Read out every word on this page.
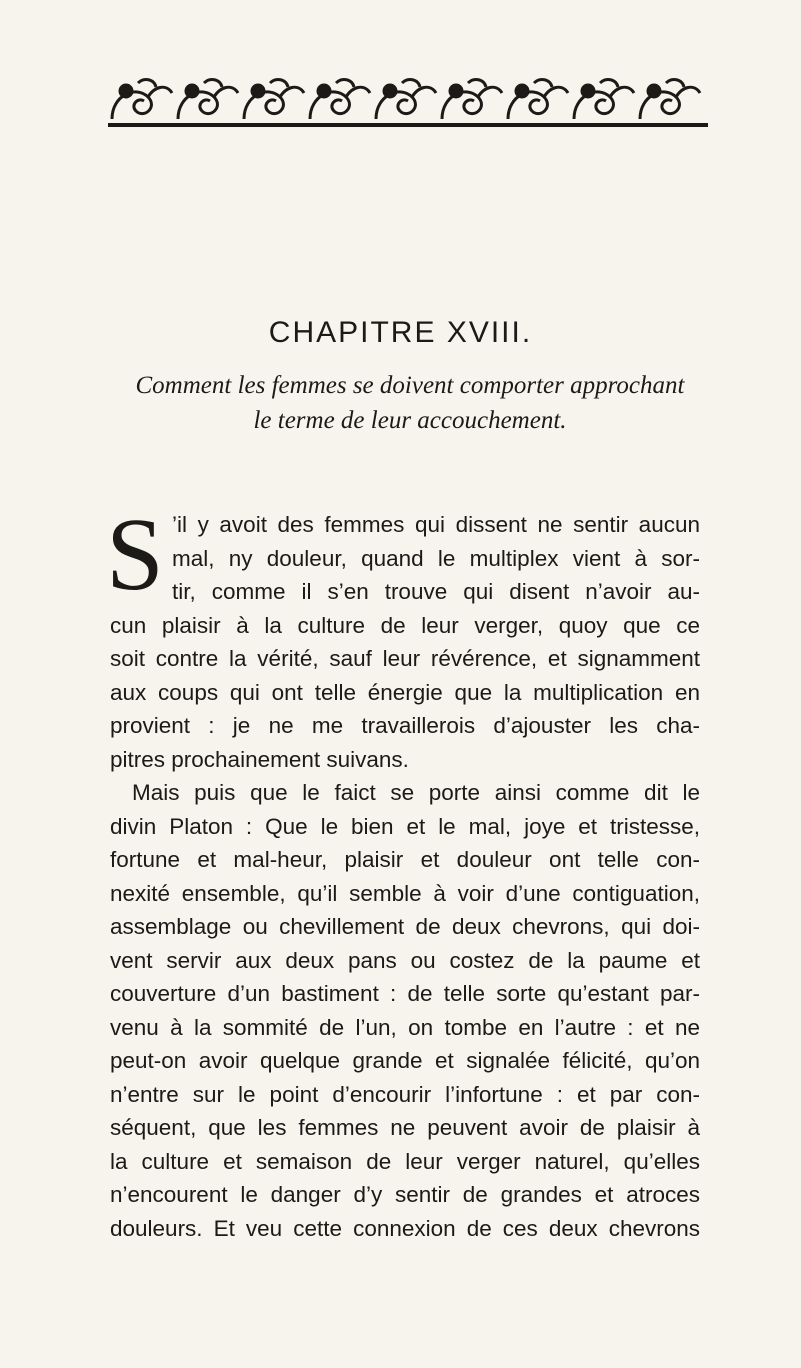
CHAPITRE XVIII.
Comment les femmes se doivent comporter approchant
le terme de leur accouchement.
S ’il y avoit des femmes qui dissent ne sentir aucun
mal, ny douleur, quand le multiplex vient à sor-
tir, comme il s’en trouve qui disent n’avoir au-
cun plaisir à la culture de leur verger, quoy que ce
soit contre la vérité, sauf leur révérence, et signamment
aux coups qui ont telle énergie que la multiplication en
provient : je ne me travaillerois d’ajouster les cha-
pitres prochainement suivans.
Mais puis que le faict se porte ainsi comme dit le
divin Platon : Que le bien et le mal, joye et tristesse,
fortune et mal-heur, plaisir et douleur ont telle con-
nexité ensemble, qu’il semble à voir d’une contiguation,
assemblage ou chevillement de deux chevrons, qui doi-
vent servir aux deux pans ou costez de la paume et
couverture d’un bastiment : de telle sorte qu’estant par-
venu à la sommité de l’un, on tombe en l’autre : et ne
peut-on avoir quelque grande et signalée félicité, qu’on
n’entre sur le point d’encourir l’infortune : et par con-
séquent, que les femmes ne peuvent avoir de plaisir à
la culture et semaison de leur verger naturel, qu’elles
n’encourent le danger d’y sentir de grandes et atroces
douleurs. Et veu cette connexion de ces deux chevrons
